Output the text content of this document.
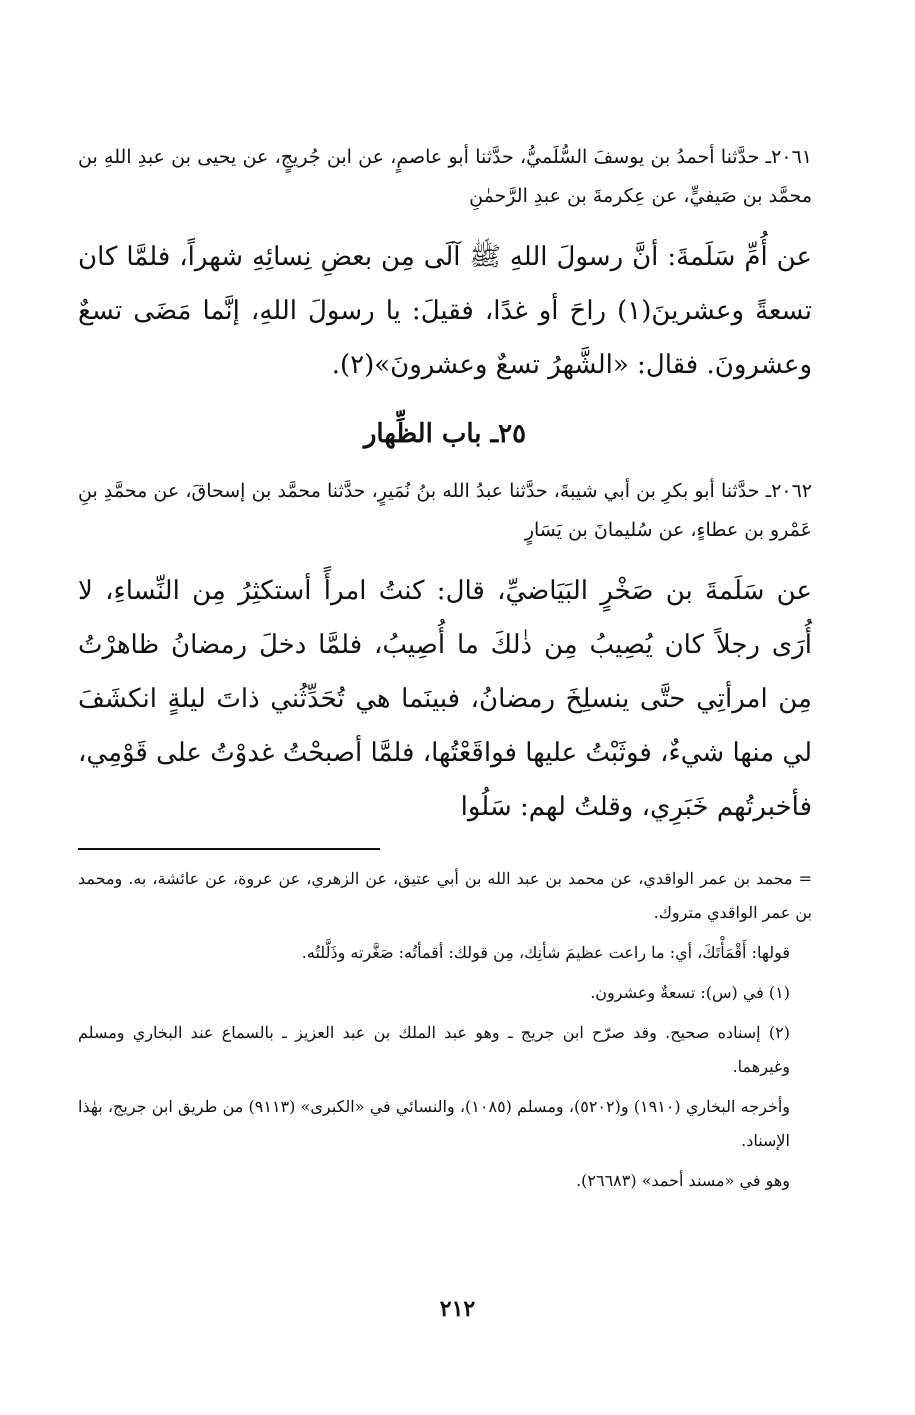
٢٠٦١ـ حدَّثنا أحمدُ بن يوسفَ السُّلَميُّ، حدَّثنا أبو عاصمٍ، عن ابن جُريجٍ، عن يحيى بن عبدِ اللهِ بن محمَّد بن صَيفيٍّ، عن عِكرمةَ بن عبدِ الرَّحمٰنِ

عن أُمِّ سَلَمةَ: أنَّ رسولَ اللهِ ﷺ آلَى مِن بعضِ نِسائِهِ شهراً، فلمَّا كان تسعةً وعشرينَ(١) راحَ أو غدًا، فقيلَ: يا رسولَ اللهِ، إنَّما مَضَى تسعٌ وعشرونَ. فقال: «الشَّهرُ تسعٌ وعشرونَ»(٢).

٢٥ـ باب الظِّهار

٢٠٦٢ـ حدَّثنا أبو بكرِ بن أبي شيبةَ، حدَّثنا عبدُ الله بنُ نُمَيرٍ، حدَّثنا محمَّد بن إسحاقَ، عن محمَّدِ بنِ عَمْرو بن عطاءٍ، عن سُليمانَ بن يَسَارٍ

عن سَلَمةَ بن صَخْرٍ البَيَاضيِّ، قال: كنتُ امرأً أستكثِرُ مِن النِّساءِ، لا أُرَى رجلاً كان يُصِيبُ مِن ذٰلكَ ما أُصِيبُ، فلمَّا دخلَ رمضانُ ظاهرْتُ مِن امرأتِي حتَّى ينسلِخَ رمضانُ، فبينَما هي تُحَدِّثُني ذاتَ ليلةٍ انكشَفَ لي منها شيءٌ، فوثَبْتُ عليها فواقَعْتُها، فلمَّا أصبحْتُ غدوْتُ على قَوْمِي، فأخبرتُهم خَبَرِي، وقلتُ لهم: سَلُوا

= محمد بن عمر الواقدي، عن محمد بن عبد الله بن أبي عتيق، عن الزهري، عن عروة، عن عائشة، به. ومحمد بن عمر الواقدي متروك.

قولها: أَقْمَأْتَكَ، أي: ما راعت عظيمَ شأنِك، مِن قولك: أقمأتُه: صَغَّرته وذَلَّلتُه.

(١) في (س): تسعةٌ وعشرون.

(٢) إسناده صحيح. وقد صرّح ابن جريج ـ وهو عبد الملك بن عبد العزيز ـ بالسماع عند البخاري ومسلم وغيرهما.

وأخرجه البخاري (١٩١٠) و(٥٢٠٢)، ومسلم (١٠٨٥)، والنسائي في «الكبرى» (٩١١٣) من طريق ابن جريج، بهٰذا الإسناد.

وهو في «مسند أحمد» (٢٦٦٨٣).

٢١٢
